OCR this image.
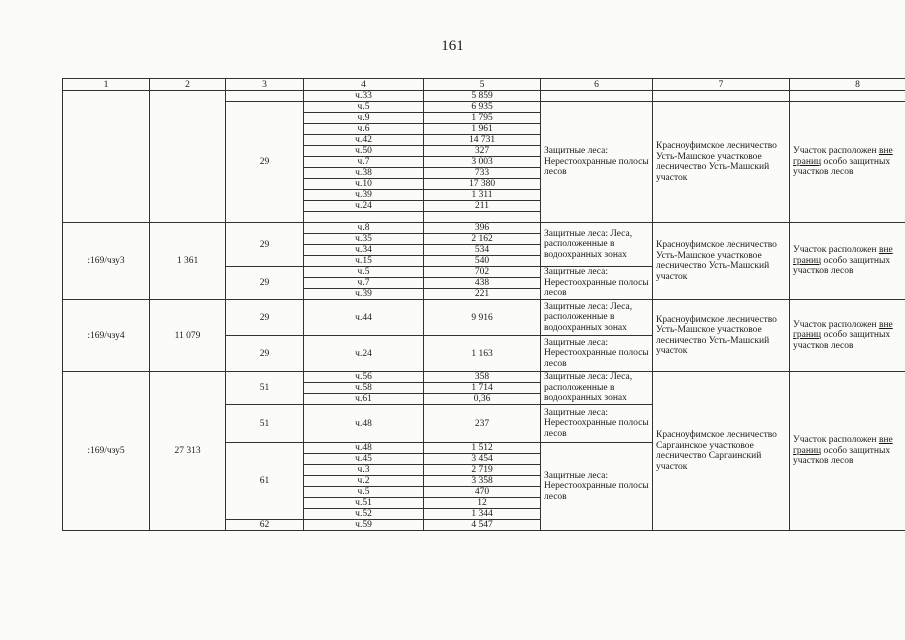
161
1	2	3	4	5	6	7	8
			ч.33	5 859			
		29	ч.5	6 935	Защитные леса: Нерестоохранные полосы лесов	Красноуфимское лесничество Усть-Машское участковое лесничество Усть-Машский участок	Участок расположен вне границ особо защитных участков лесов
			ч.9	1 795			
			ч.6	1 961			
			ч.42	14 731			
			ч.50	327			
			ч.7	3 003			
			ч.38	733			
			ч.10	17 380			
			ч.39	1 311			
			ч.24	211			

:169/чзу3	1 361	29	ч.8	396	Защитные леса: Леса, расположенные в водоохранных зонах	Красноуфимское лесничество Усть-Машское участковое лесничество Усть-Машский участок	Участок расположен вне границ особо защитных участков лесов
			ч.35	2 162			
			ч.34	534			
			ч.15	540			
		29	ч.5	702	Защитные леса: Нерестоохранные полосы лесов		
			ч.7	438			
			ч.39	221			
:169/чзу4	11 079	29	ч.44	9 916	Защитные леса: Леса, расположенные в водоохранных зонах	Красноуфимское лесничество Усть-Машское участковое лесничество Усть-Машский участок	Участок расположен вне границ особо защитных участков лесов
		29	ч.24	1 163	Защитные леса: Нерестоохранные полосы лесов		
:169/чзу5	27 313	51	ч.56	358	Защитные леса: Леса, расположенные в водоохранных зонах	Красноуфимское лесничество Саргаинское участковое лесничество Саргаинский участок	Участок расположен вне границ особо защитных участков лесов
			ч.58	1 714			
			ч.61	0,36			
		51	ч.48	237	Защитные леса: Нерестоохранные полосы лесов		
		61	ч.48	1 512	Защитные леса: Нерестоохранные полосы лесов		
			ч.45	3 454			
			ч.3	2 719			
			ч.2	3 358			
			ч.5	470			
			ч.51	12			
			ч.52	1 344			
		62	ч.59	4 547			
